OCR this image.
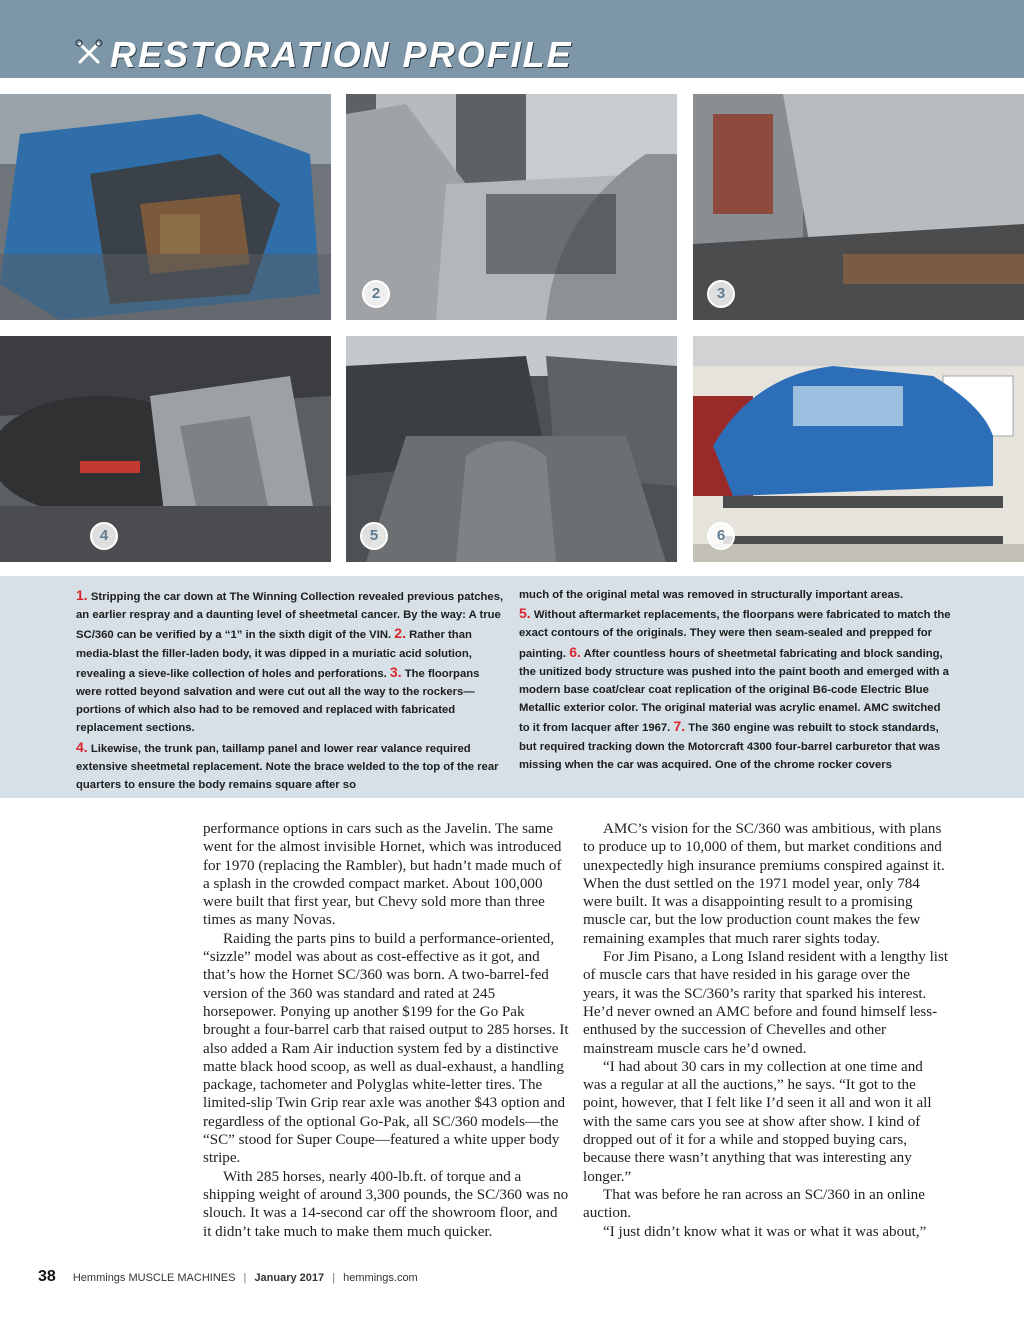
RESTORATION PROFILE
2	3
4	5	6

1. Stripping the car down at The Winning Collection revealed previous patches, an earlier respray and a daunting level of sheetmetal cancer. By the way: A true SC/360 can be verified by a “1” in the sixth digit of the VIN. 2. Rather than media-blast the filler-laden body, it was dipped in a muriatic acid solution, revealing a sieve-like collection of holes and perforations. 3. The floorpans were rotted beyond salvation and were cut out all the way to the rockers—portions of which also had to be removed and replaced with fabricated replacement sections.

4. Likewise, the trunk pan, taillamp panel and lower rear valance required extensive sheetmetal replacement. Note the brace welded to the top of the rear quarters to ensure the body remains square after so

much of the original metal was removed in structurally important areas.

5. Without aftermarket replacements, the floorpans were fabricated to match the exact contours of the originals. They were then seam-sealed and prepped for painting. 6. After countless hours of sheetmetal fabricating and block sanding, the unitized body structure was pushed into the paint booth and emerged with a modern base coat/clear coat replication of the original B6-code Electric Blue Metallic exterior color. The original material was acrylic enamel. AMC switched to it from lacquer after 1967. 7. The 360 engine was rebuilt to stock standards, but required tracking down the Motorcraft 4300 four-barrel carburetor that was missing when the car was acquired. One of the chrome rocker covers

performance options in cars such as the Javelin. The same went for the almost invisible Hornet, which was introduced for 1970 (replacing the Rambler), but hadn’t made much of a splash in the crowded compact market. About 100,000 were built that first year, but Chevy sold more than three times as many Novas.

Raiding the parts pins to build a performance-oriented, “sizzle” model was about as cost-effective as it got, and that’s how the Hornet SC/360 was born. A two-barrel-fed version of the 360 was standard and rated at 245 horsepower. Ponying up another $199 for the Go Pak brought a four-barrel carb that raised output to 285 horses. It also added a Ram Air induction system fed by a distinctive matte black hood scoop, as well as dual-exhaust, a handling package, tachometer and Polyglas white-letter tires. The limited-slip Twin Grip rear axle was another $43 option and regardless of the optional Go-Pak, all SC/360 models—the “SC” stood for Super Coupe—featured a white upper body stripe.

With 285 horses, nearly 400-lb.ft. of torque and a shipping weight of around 3,300 pounds, the SC/360 was no slouch. It was a 14-second car off the showroom floor, and it didn’t take much to make them much quicker.

AMC’s vision for the SC/360 was ambitious, with plans to produce up to 10,000 of them, but market conditions and unexpectedly high insurance premiums conspired against it. When the dust settled on the 1971 model year, only 784 were built. It was a disappointing result to a promising muscle car, but the low production count makes the few remaining examples that much rarer sights today.

For Jim Pisano, a Long Island resident with a lengthy list of muscle cars that have resided in his garage over the years, it was the SC/360’s rarity that sparked his interest. He’d never owned an AMC before and found himself less-enthused by the succession of Chevelles and other mainstream muscle cars he’d owned.

“I had about 30 cars in my collection at one time and was a regular at all the auctions,” he says. “It got to the point, however, that I felt like I’d seen it all and won it all with the same cars you see at show after show. I kind of dropped out of it for a while and stopped buying cars, because there wasn’t anything that was interesting any longer.”

That was before he ran across an SC/360 in an online auction.

“I just didn’t know what it was or what it was about,”

38 Hemmings MUSCLE MACHINES | January 2017 | hemmings.com
